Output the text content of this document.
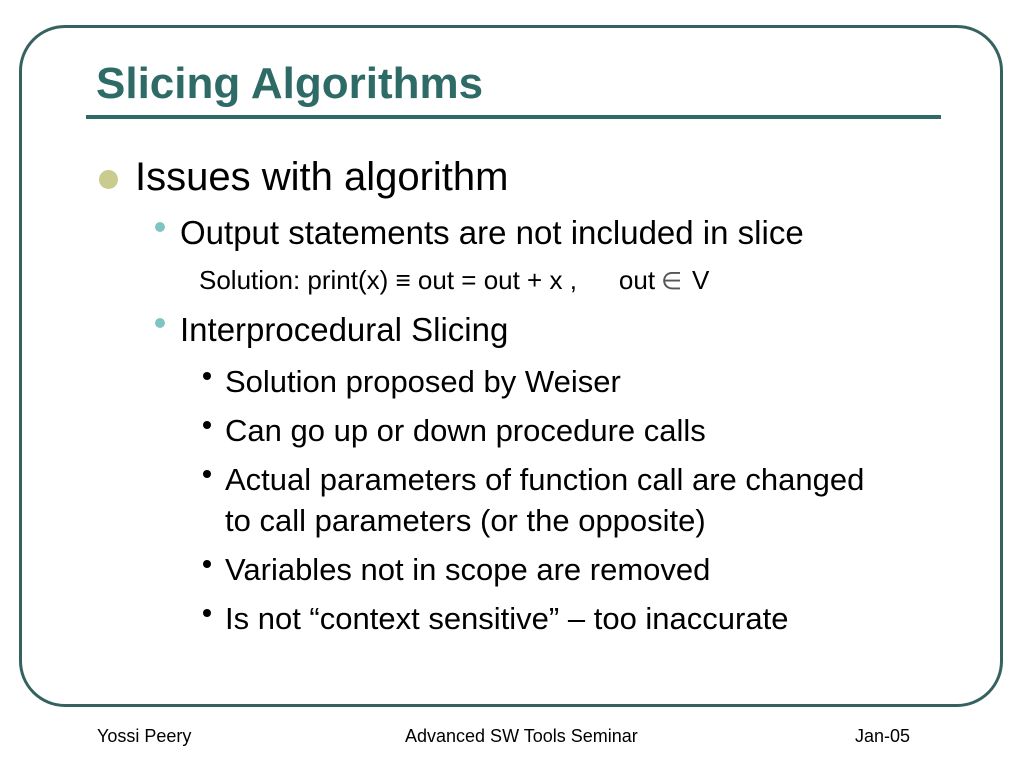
Slicing Algorithms
Issues with algorithm
Output statements are not included in slice
Solution: print(x) ≡ out = out + x , out ∈ V
Interprocedural Slicing
Solution proposed by Weiser
Can go up or down procedure calls
Actual parameters of function call are changed
to call parameters (or the opposite)
Variables not in scope are removed
Is not “context sensitive” – too inaccurate
Yossi Peery	Advanced SW Tools Seminar	Jan-05
